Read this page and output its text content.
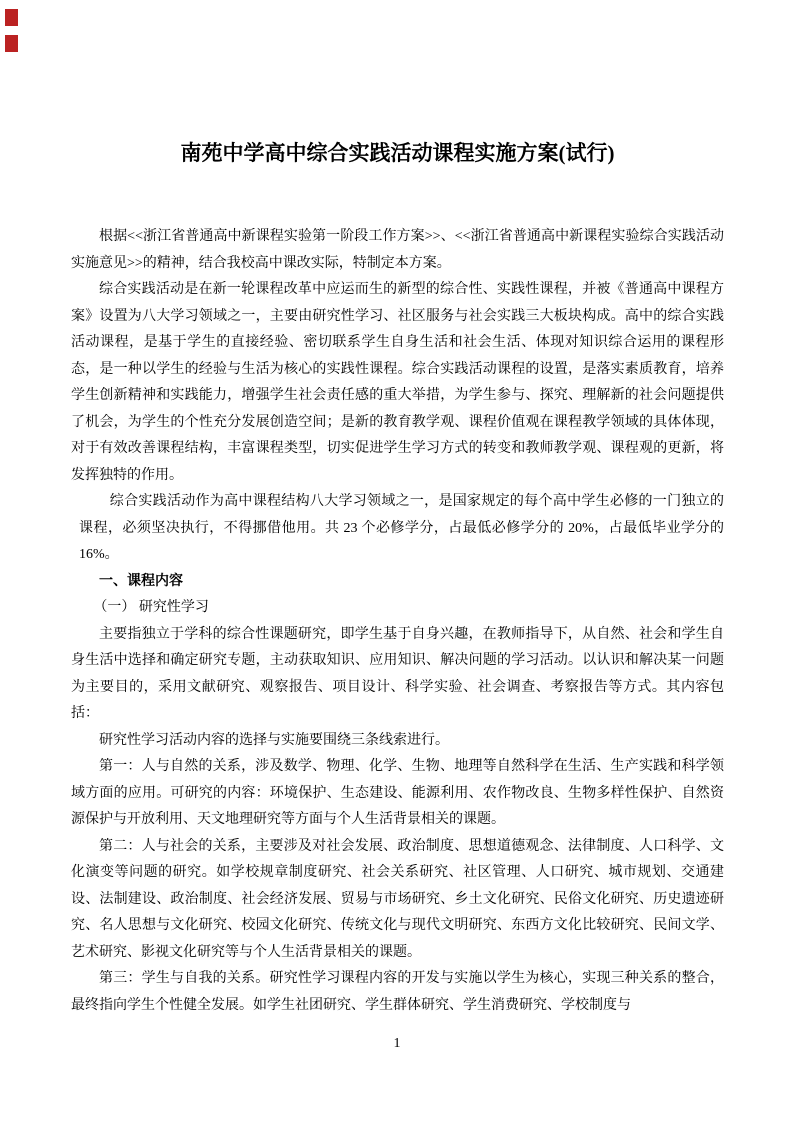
南苑中学高中综合实践活动课程实施方案(试行)

根据<<浙江省普通高中新课程实验第一阶段工作方案>>、<<浙江省普通高中新课程实验综合实践活动实施意见>>的精神，结合我校高中课改实际，特制定本方案。

综合实践活动是在新一轮课程改革中应运而生的新型的综合性、实践性课程，并被《普通高中课程方案》设置为八大学习领域之一，主要由研究性学习、社区服务与社会实践三大板块构成。高中的综合实践活动课程，是基于学生的直接经验、密切联系学生自身生活和社会生活、体现对知识综合运用的课程形态，是一种以学生的经验与生活为核心的实践性课程。综合实践活动课程的设置，是落实素质教育，培养学生创新精神和实践能力，增强学生社会责任感的重大举措，为学生参与、探究、理解新的社会问题提供了机会，为学生的个性充分发展创造空间；是新的教育教学观、课程价值观在课程教学领域的具体体现，对于有效改善课程结构，丰富课程类型，切实促进学生学习方式的转变和教师教学观、课程观的更新，将发挥独特的作用。

综合实践活动作为高中课程结构八大学习领域之一，是国家规定的每个高中学生必修的一门独立的课程，必须坚决执行，不得挪借他用。共 23 个必修学分，占最低必修学分的 20%，占最低毕业学分的 16%。

一、课程内容

（一） 研究性学习

主要指独立于学科的综合性课题研究，即学生基于自身兴趣，在教师指导下，从自然、社会和学生自身生活中选择和确定研究专题，主动获取知识、应用知识、解决问题的学习活动。以认识和解决某一问题为主要目的，采用文献研究、观察报告、项目设计、科学实验、社会调查、考察报告等方式。其内容包括：

研究性学习活动内容的选择与实施要围绕三条线索进行。

第一：人与自然的关系，涉及数学、物理、化学、生物、地理等自然科学在生活、生产实践和科学领域方面的应用。可研究的内容：环境保护、生态建设、能源利用、农作物改良、生物多样性保护、自然资源保护与开放利用、天文地理研究等方面与个人生活背景相关的课题。

第二：人与社会的关系，主要涉及对社会发展、政治制度、思想道德观念、法律制度、人口科学、文化演变等问题的研究。如学校规章制度研究、社会关系研究、社区管理、人口研究、城市规划、交通建设、法制建设、政治制度、社会经济发展、贸易与市场研究、乡土文化研究、民俗文化研究、历史遗迹研究、名人思想与文化研究、校园文化研究、传统文化与现代文明研究、东西方文化比较研究、民间文学、艺术研究、影视文化研究等与个人生活背景相关的课题。

第三：学生与自我的关系。研究性学习课程内容的开发与实施以学生为核心，实现三种关系的整合，最终指向学生个性健全发展。如学生社团研究、学生群体研究、学生消费研究、学校制度与

1
